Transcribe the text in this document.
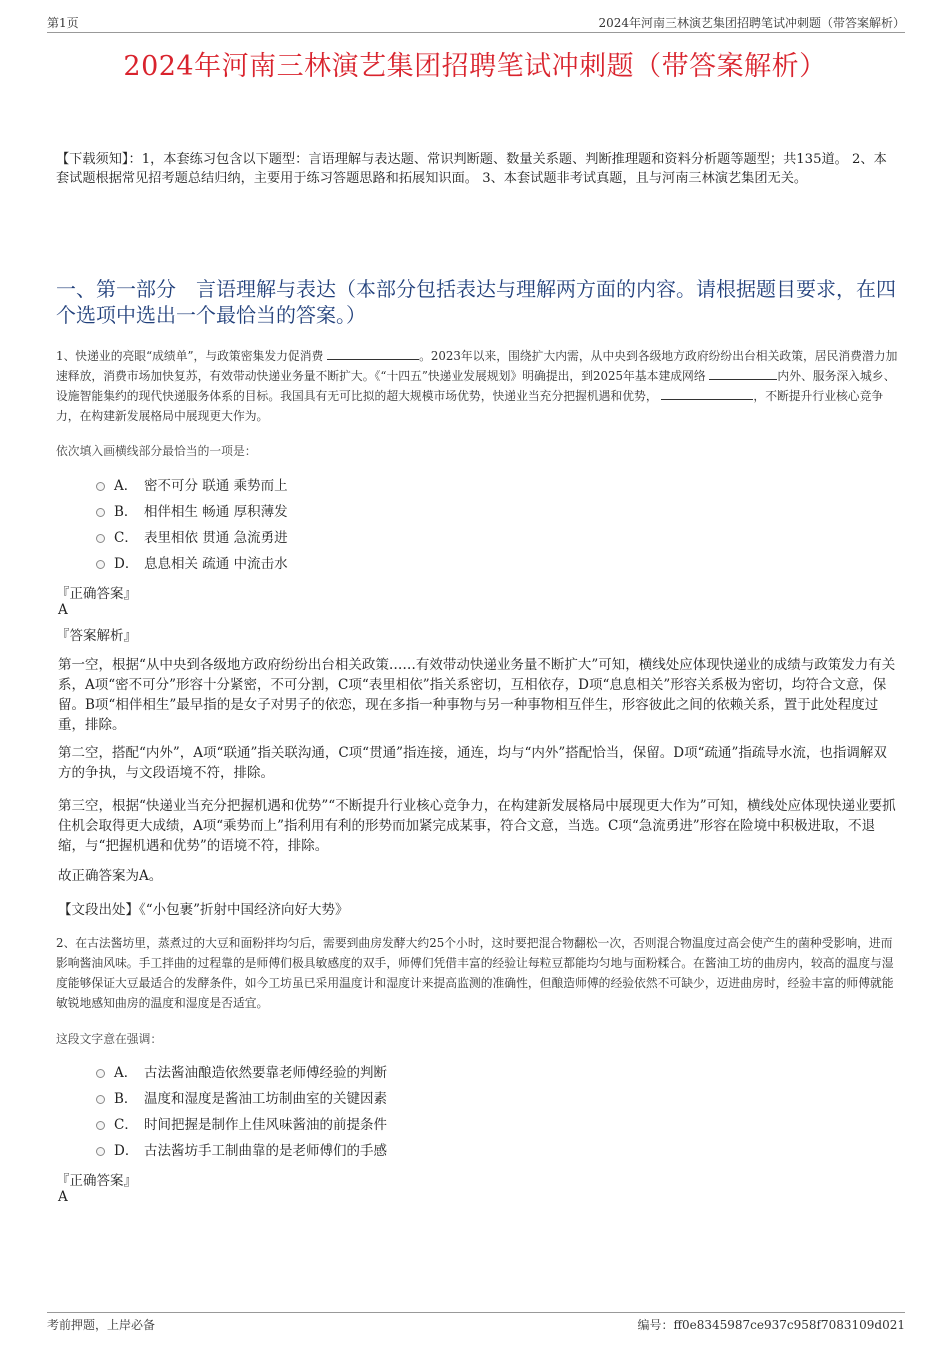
第1页	2024年河南三林演艺集团招聘笔试冲刺题（带答案解析）
2024年河南三林演艺集团招聘笔试冲刺题（带答案解析）
【下载须知】：1，本套练习包含以下题型：言语理解与表达题、常识判断题、数量关系题、判断推理题和资料分析题等题型；共135道。 2、本套试题根据常见招考题总结归纳，主要用于练习答题思路和拓展知识面。 3、本套试题非考试真题，且与河南三林演艺集团无关。
一、第一部分　言语理解与表达（本部分包括表达与理解两方面的内容。请根据题目要求，在四个选项中选出一个最恰当的答案。）
1、快递业的亮眼“成绩单”，与政策密集发力促消费	。2023年以来，围绕扩大内需，从中央到各级地方政府纷纷出台相关政策，居民消费潜力加速释放，消费市场加快复苏，有效带动快递业务量不断扩大。《“十四五”快递业发展规划》明确提出，到2025年基本建成网络	内外、服务深入城乡、设施智能集约的现代快递服务体系的目标。我国具有无可比拟的超大规模市场优势，快递业当充分把握机遇和优势，	，不断提升行业核心竞争力，在构建新发展格局中展现更大作为。
依次填入画横线部分最恰当的一项是：
A． 密不可分 联通 乘势而上
B． 相伴相生 畅通 厚积薄发
C． 表里相依 贯通 急流勇进
D． 息息相关 疏通 中流击水
『正确答案』
A
『答案解析』
第一空，根据“从中央到各级地方政府纷纷出台相关政策……有效带动快递业务量不断扩大”可知，横线处应体现快递业的成绩与政策发力有关系，A项“密不可分”形容十分紧密，不可分割，C项“表里相依”指关系密切，互相依存，D项“息息相关”形容关系极为密切，均符合文意，保留。B项“相伴相生”最早指的是女子对男子的依恋，现在多指一种事物与另一种事物相互伴生，形容彼此之间的依赖关系，置于此处程度过重，排除。
第二空，搭配“内外”，A项“联通”指关联沟通，C项“贯通”指连接，通连，均与“内外”搭配恰当，保留。D项“疏通”指疏导水流，也指调解双方的争执，与文段语境不符，排除。
第三空，根据“快递业当充分把握机遇和优势”“不断提升行业核心竞争力，在构建新发展格局中展现更大作为”可知，横线处应体现快递业要抓住机会取得更大成绩，A项“乘势而上”指利用有利的形势而加紧完成某事，符合文意，当选。C项“急流勇进”形容在险境中积极进取，不退缩，与“把握机遇和优势”的语境不符，排除。
故正确答案为A。
【文段出处】《“小包裹”折射中国经济向好大势》
2、在古法酱坊里，蒸煮过的大豆和面粉拌均匀后，需要到曲房发酵大约25个小时，这时要把混合物翻松一次，否则混合物温度过高会使产生的菌种受影响，进而影响酱油风味。手工拌曲的过程靠的是师傅们极具敏感度的双手，师傅们凭借丰富的经验让每粒豆都能均匀地与面粉糅合。在酱油工坊的曲房内，较高的温度与湿度能够保证大豆最适合的发酵条件，如今工坊虽已采用温度计和湿度计来提高监测的准确性，但酿造师傅的经验依然不可缺少，迈进曲房时，经验丰富的师傅就能敏锐地感知曲房的温度和湿度是否适宜。
这段文字意在强调：
A． 古法酱油酿造依然要靠老师傅经验的判断
B． 温度和湿度是酱油工坊制曲室的关键因素
C． 时间把握是制作上佳风味酱油的前提条件
D． 古法酱坊手工制曲靠的是老师傅们的手感
『正确答案』
A
考前押题，上岸必备	编号：ff0e8345987ce937c958f7083109d021
